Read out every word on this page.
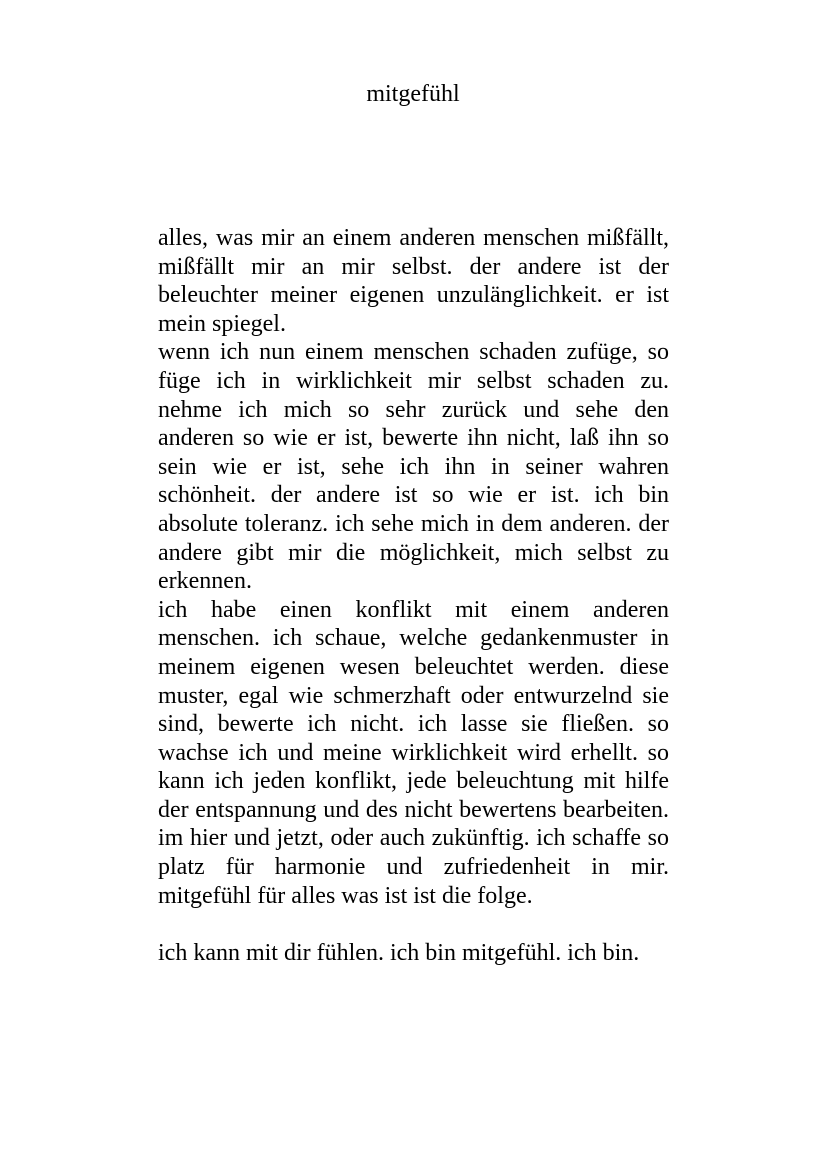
mitgefühl

alles, was mir an einem anderen menschen mißfällt, mißfällt mir an mir selbst. der andere ist der beleuchter meiner eigenen unzulänglichkeit. er ist mein spiegel.

wenn ich nun einem menschen schaden zufüge, so füge ich in wirklichkeit mir selbst schaden zu. nehme ich mich so sehr zurück und sehe den anderen so wie er ist, bewerte ihn nicht, laß ihn so sein wie er ist, sehe ich ihn in seiner wahren schönheit. der andere ist so wie er ist. ich bin absolute toleranz. ich sehe mich in dem anderen. der andere gibt mir die möglichkeit, mich selbst zu erkennen.

ich habe einen konflikt mit einem anderen menschen. ich schaue, welche gedankenmuster in meinem eigenen wesen beleuchtet werden. diese muster, egal wie schmerzhaft oder entwurzelnd sie sind, bewerte ich nicht. ich lasse sie fließen. so wachse ich und meine wirklichkeit wird erhellt. so kann ich jeden konflikt, jede beleuchtung mit hilfe der entspannung und des nicht bewertens bearbeiten. im hier und jetzt, oder auch zukünftig. ich schaffe so platz für harmonie und zufriedenheit in mir. mitgefühl für alles was ist ist die folge.

ich kann mit dir fühlen. ich bin mitgefühl. ich bin.
